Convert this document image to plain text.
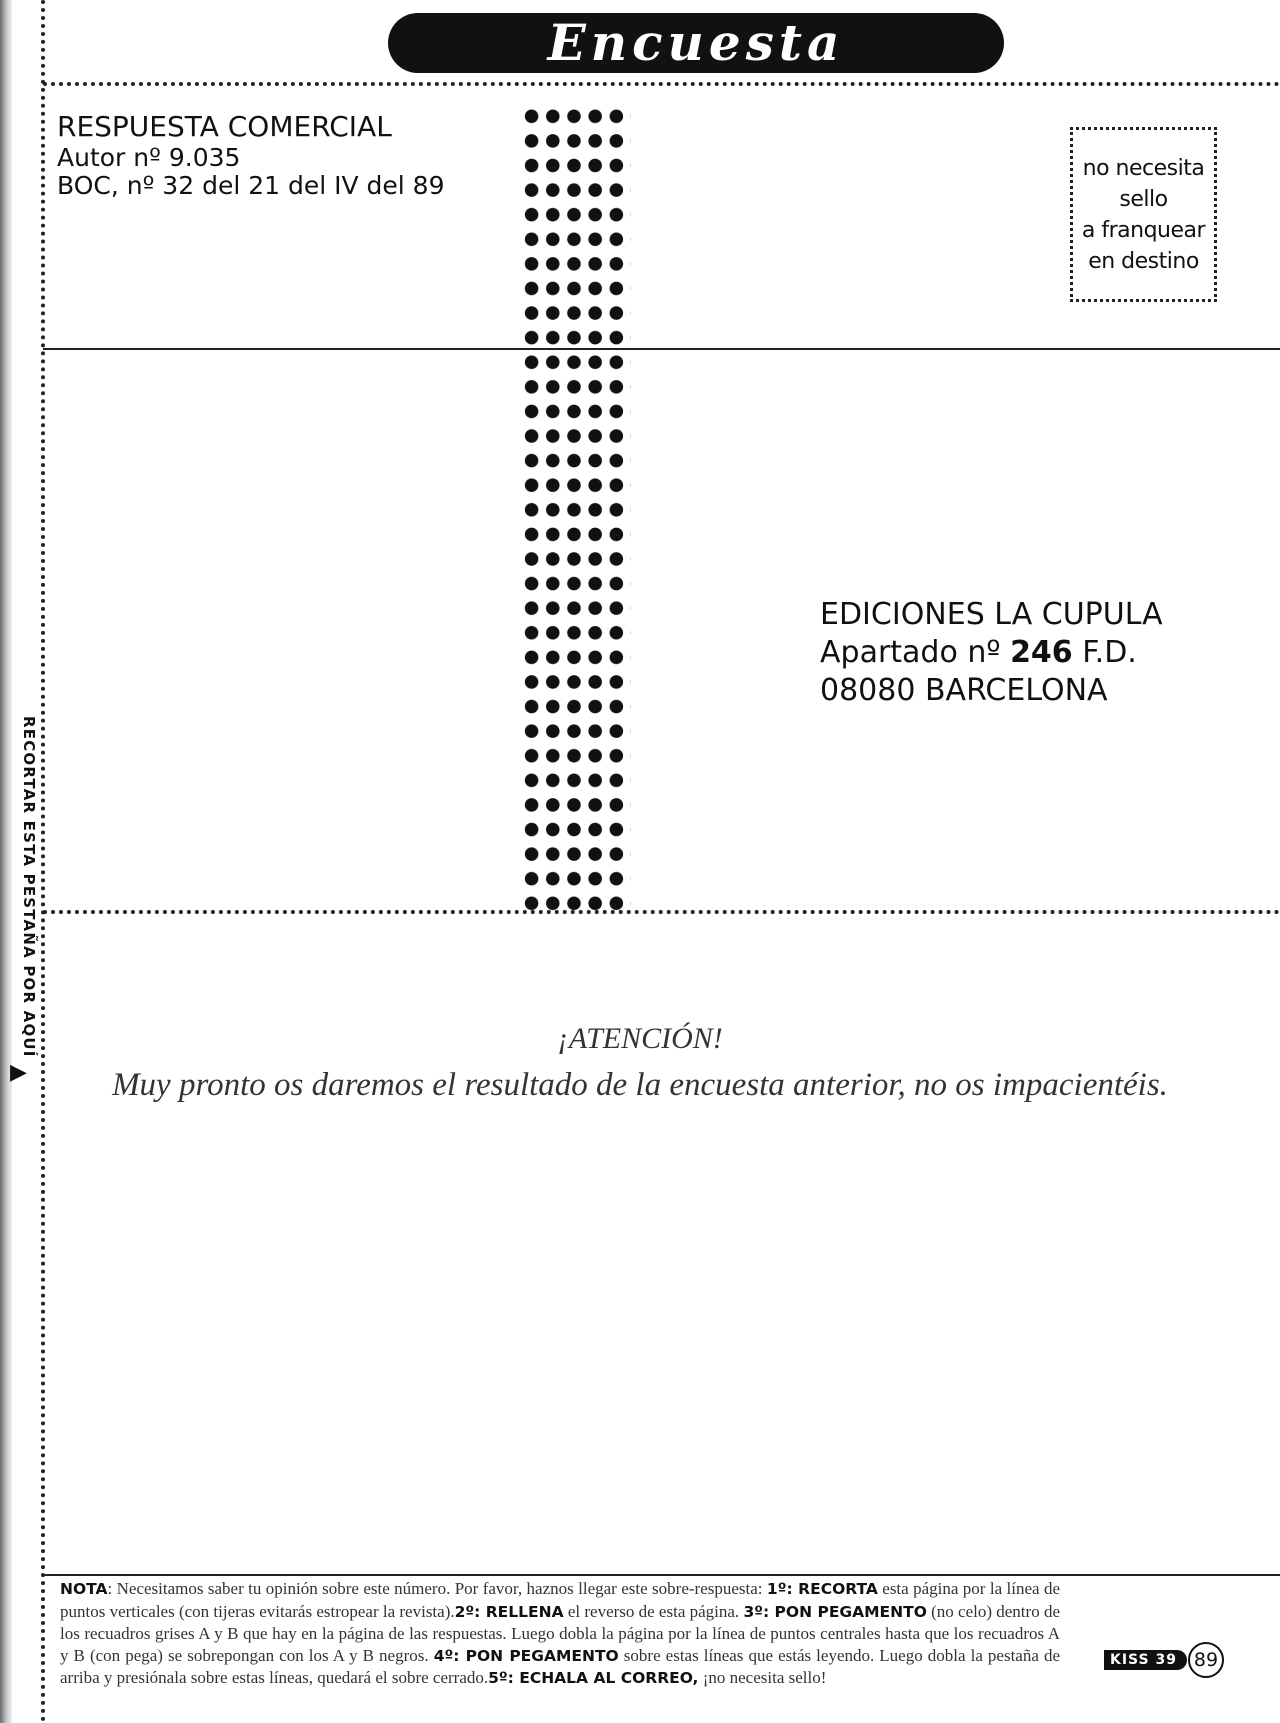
RECORTAR ESTA PESTAÑA POR AQUÍ
▶
Encuesta
RESPUESTA COMERCIAL
Autor nº 9.035
BOC, nº 32 del 21 del IV del 89
no necesita
sello
a franquear
en destino
EDICIONES LA CUPULA
Apartado nº 246 F.D.
08080 BARCELONA
¡ATENCIÓN!
Muy pronto os daremos el resultado de la encuesta anterior, no os impacientéis.
NOTA: Necesitamos saber tu opinión sobre este número. Por favor, haznos llegar este sobre-respuesta: 1º: RECORTA esta página por la línea de puntos verticales (con tijeras evitarás estropear la revista).2º: RELLENA el reverso de esta página. 3º: PON PEGAMENTO (no celo) dentro de los recuadros grises A y B que hay en la página de las respuestas. Luego dobla la página por la línea de puntos centrales hasta que los recuadros A y B (con pega) se sobrepongan con los A y B negros. 4º: PON PEGAMENTO sobre estas líneas que estás leyendo. Luego dobla la pestaña de arriba y presiónala sobre estas líneas, quedará el sobre cerrado.5º: ECHALA AL CORREO, ¡no necesita sello!
KISS 39 89
